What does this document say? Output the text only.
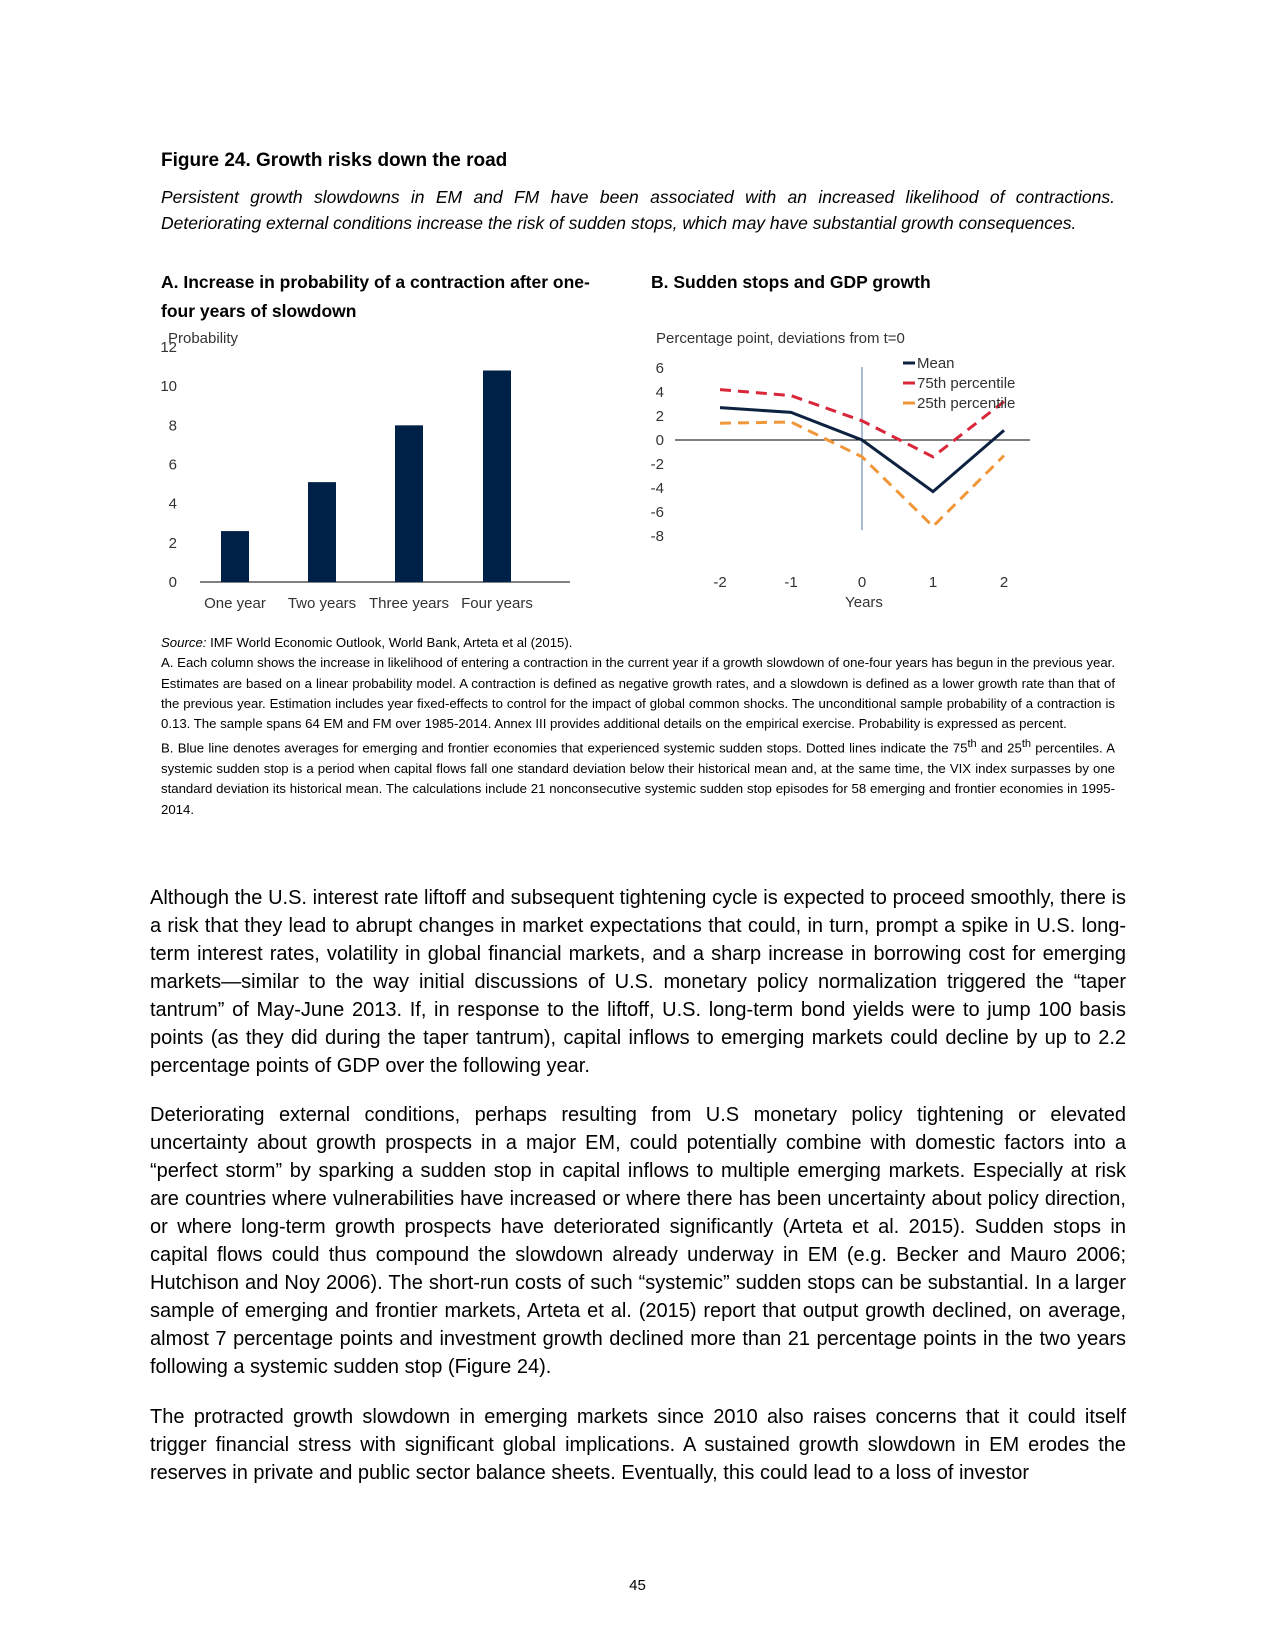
Figure 24. Growth risks down the road
Persistent growth slowdowns in EM and FM have been associated with an increased likelihood of contractions. Deteriorating external conditions increase the risk of sudden stops, which may have substantial growth consequences.
A. Increase in probability of a contraction after one-four years of slowdown
B. Sudden stops and GDP growth
Probability
0
2
4
6
8
10
12
One year Two years Three years Four years
Percentage point, deviations from t=0
6
4
2
0
-2
-4
-6
-8
-2	-1	0	1	2
Years
Mean
75th percentile
25th percentile

Source: IMF World Economic Outlook, World Bank, Arteta et al (2015).

A. Each column shows the increase in likelihood of entering a contraction in the current year if a growth slowdown of one-four years has begun in the previous year. Estimates are based on a linear probability model. A contraction is defined as negative growth rates, and a slowdown is defined as a lower growth rate than that of the previous year. Estimation includes year fixed-effects to control for the impact of global common shocks. The unconditional sample probability of a contraction is 0.13. The sample spans 64 EM and FM over 1985-2014. Annex III provides additional details on the empirical exercise. Probability is expressed as percent.

B. Blue line denotes averages for emerging and frontier economies that experienced systemic sudden stops. Dotted lines indicate the 75th and 25th percentiles. A systemic sudden stop is a period when capital flows fall one standard deviation below their historical mean and, at the same time, the VIX index surpasses by one standard deviation its historical mean. The calculations include 21 nonconsecutive systemic sudden stop episodes for 58 emerging and frontier economies in 1995-2014.

Although the U.S. interest rate liftoff and subsequent tightening cycle is expected to proceed smoothly, there is a risk that they lead to abrupt changes in market expectations that could, in turn, prompt a spike in U.S. long-term interest rates, volatility in global financial markets, and a sharp increase in borrowing cost for emerging markets—similar to the way initial discussions of U.S. monetary policy normalization triggered the “taper tantrum” of May-June 2013. If, in response to the liftoff, U.S. long-term bond yields were to jump 100 basis points (as they did during the taper tantrum), capital inflows to emerging markets could decline by up to 2.2 percentage points of GDP over the following year.

Deteriorating external conditions, perhaps resulting from U.S monetary policy tightening or elevated uncertainty about growth prospects in a major EM, could potentially combine with domestic factors into a “perfect storm” by sparking a sudden stop in capital inflows to multiple emerging markets. Especially at risk are countries where vulnerabilities have increased or where there has been uncertainty about policy direction, or where long-term growth prospects have deteriorated significantly (Arteta et al. 2015). Sudden stops in capital flows could thus compound the slowdown already underway in EM (e.g. Becker and Mauro 2006; Hutchison and Noy 2006). The short-run costs of such “systemic” sudden stops can be substantial. In a larger sample of emerging and frontier markets, Arteta et al. (2015) report that output growth declined, on average, almost 7 percentage points and investment growth declined more than 21 percentage points in the two years following a systemic sudden stop (Figure 24).

The protracted growth slowdown in emerging markets since 2010 also raises concerns that it could itself trigger financial stress with significant global implications. A sustained growth slowdown in EM erodes the reserves in private and public sector balance sheets. Eventually, this could lead to a loss of investor

45
